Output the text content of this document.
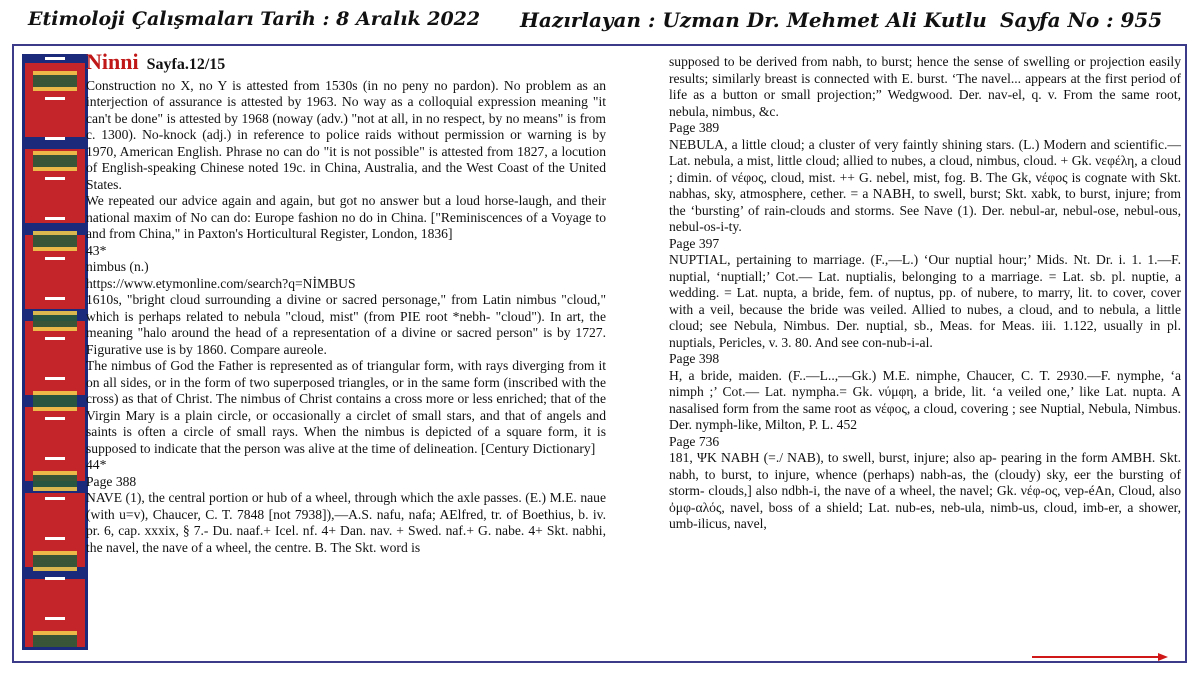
Etimoloji Çalışmaları Tarih : 8 Aralık 2022 Hazırlayan : Uzman Dr. Mehmet Ali Kutlu Sayfa No : 955
Ninni Sayfa.12/15

Construction no X, no Y is attested from 1530s (in no peny no pardon). No problem as an interjection of assurance is attested by 1963. No way as a colloquial expression meaning "it can't be done" is attested by 1968 (noway (adv.) "not at all, in no respect, by no means" is from c. 1300). No-knock (adj.) in reference to police raids without permission or warning is by 1970, American English. Phrase no can do "it is not possible" is attested from 1827, a locution of English-speaking Chinese noted 19c. in China, Australia, and the West Coast of the United States.

We repeated our advice again and again, but got no answer but a loud horse-laugh, and their national maxim of No can do: Europe fashion no do in China. ["Reminiscences of a Voyage to and from China," in Paxton's Horticultural Register, London, 1836]

43*

nimbus (n.)

https://www.etymonline.com/search?q=NİMBUS

1610s, "bright cloud surrounding a divine or sacred personage," from Latin nimbus "cloud," which is perhaps related to nebula "cloud, mist" (from PIE root *nebh- "cloud"). In art, the meaning "halo around the head of a representation of a divine or sacred person" is by 1727. Figurative use is by 1860. Compare aureole.

The nimbus of God the Father is represented as of triangular form, with rays diverging from it on all sides, or in the form of two superposed triangles, or in the same form (inscribed with the cross) as that of Christ. The nimbus of Christ contains a cross more or less enriched; that of the Virgin Mary is a plain circle, or occasionally a circlet of small stars, and that of angels and saints is often a circle of small rays. When the nimbus is depicted of a square form, it is supposed to indicate that the person was alive at the time of delineation. [Century Dictionary]

44*

Page 388

NAVE (1), the central portion or hub of a wheel, through which the axle passes. (E.) M.E. naue (with u=v), Chaucer, C. T. 7848 [not 7938]),—A.S. nafu, nafa; AElfred, tr. of Boethius, b. iv. pr. 6, cap. xxxix, § 7.- Du. naaf.+ Icel. nf. 4+ Dan. nav. + Swed. naf.+ G. nabe. 4+ Skt. nabhi, the navel, the nave of a wheel, the centre. B. The Skt. word is

supposed to be derived from nabh, to burst; hence the sense of swelling or projection easily results; similarly breast is connected with E. burst. ‘The navel... appears at the first period of life as a button or small projection;” Wedgwood. Der. nav-el, q. v. From the same root, nebula, nimbus, &c.

Page 389

NEBULA, a little cloud; a cluster of very faintly shining stars. (L.) Modern and scientific.—Lat. nebula, a mist, little cloud; allied to nubes, a cloud, nimbus, cloud. + Gk. νεφέλη, a cloud ; dimin. of νέφος, cloud, mist. ++ G. nebel, mist, fog. B. The Gk, νέφος is cognate with Skt. nabhas, sky, atmosphere, cether. = a NABH, to swell, burst; Skt. xabk, to burst, injure; from the ‘bursting’ of rain-clouds and storms. See Nave (1). Der. nebul-ar, nebul-ose, nebul-ous, nebul-os-i-ty.

Page 397

NUPTIAL, pertaining to marriage. (F.,—L.) ‘Our nuptial hour;’ Mids. Nt. Dr. i. 1. 1.—F. nuptial, ‘nuptiall;’ Cot.— Lat. nuptialis, belonging to a marriage. = Lat. sb. pl. nuptie, a wedding. = Lat. nupta, a bride, fem. of nuptus, pp. of nubere, to marry, lit. to cover, cover with a veil, because the bride was veiled. Allied to nubes, a cloud, and to nebula, a little cloud; see Nebula, Nimbus. Der. nuptial, sb., Meas. for Meas. iii. 1.122, usually in pl. nuptials, Pericles, v. 3. 80. And see con-nub-i-al.

Page 398

H, a bride, maiden. (F..—L..,—Gk.) M.E. nimphe, Chaucer, C. T. 2930.—F. nymphe, ‘a nimph ;’ Cot.— Lat. nympha.= Gk. νύμφη, a bride, lit. ‘a veiled one,’ like Lat. nupta. A nasalised form from the same root as νέφος, a cloud, covering ; see Nuptial, Nebula, Nimbus. Der. nymph-like, Milton, P. L. 452

Page 736

181, ΨΚ NABH (=./ NAB), to swell, burst, injure; also ap- pearing in the form AMBH. Skt. nabh, to burst, to injure, whence (perhaps) nabh-as, the (cloudy) sky, eer the bursting of storm- clouds,] also ndbh-i, the nave of a wheel, the navel; Gk. νέφ-ος, vep-éAn, Cloud, also ὀμφ-αλός, navel, boss of a shield; Lat. nub-es, neb-ula, nimb-us, cloud, imb-er, a shower, umb-ilicus, navel,
